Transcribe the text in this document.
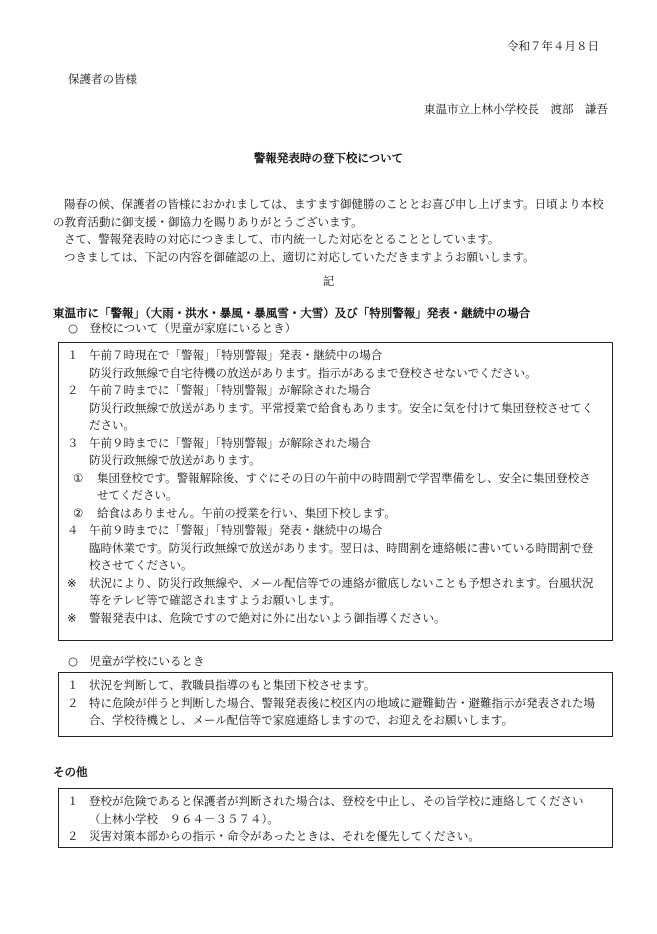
令和７年４月８日
保護者の皆様
東温市立上林小学校長　渡部　謙吾
警報発表時の登下校について

陽春の候、保護者の皆様におかれましては、ますます御健勝のこととお喜び申し上げます。日頃より本校の教育活動に御支援・御協力を賜りありがとうございます。

さて、警報発表時の対応につきまして、市内統一した対応をとることとしています。

つきましては、下記の内容を御確認の上、適切に対応していただきますようお願いします。

記
東温市に「警報」（大雨・洪水・暴風・暴風雪・大雪）及び「特別警報」発表・継続中の場合
○　登校について（児童が家庭にいるとき）
１ 午前７時現在で「警報」「特別警報」発表・継続中の場合
防災行政無線で自宅待機の放送があります。指示があるまで登校させないでください。
２ 午前７時までに「警報」「特別警報」が解除された場合
防災行政無線で放送があります。平常授業で給食もあります。安全に気を付けて集団登校させてください。
３ 午前９時までに「警報」「特別警報」が解除された場合
防災行政無線で放送があります。
①	集団登校です。警報解除後、すぐにその日の午前中の時間割で学習準備をし、安全に集団登校させてください。
②	給食はありません。午前の授業を行い、集団下校します。
４ 午前９時までに「警報」「特別警報」発表・継続中の場合
臨時休業です。防災行政無線で放送があります。翌日は、時間割を連絡帳に書いている時間割で登校させてください。
※	状況により、防災行政無線や、メール配信等での連絡が徹底しないことも予想されます。台風状況等をテレビ等で確認されますようお願いします。
※	警報発表中は、危険ですので絶対に外に出ないよう御指導ください。
○　児童が学校にいるとき
１ 状況を判断して、教職員指導のもと集団下校させます。
２ 特に危険が伴うと判断した場合、警報発表後に校区内の地域に避難勧告・避難指示が発表された場合、学校待機とし、メール配信等で家庭連絡しますので、お迎えをお願いします。
その他
１ 登校が危険であると保護者が判断された場合は、登校を中止し、その旨学校に連絡してください（上林小学校　９６４－３５７４）。
２ 災害対策本部からの指示・命令があったときは、それを優先してください。
